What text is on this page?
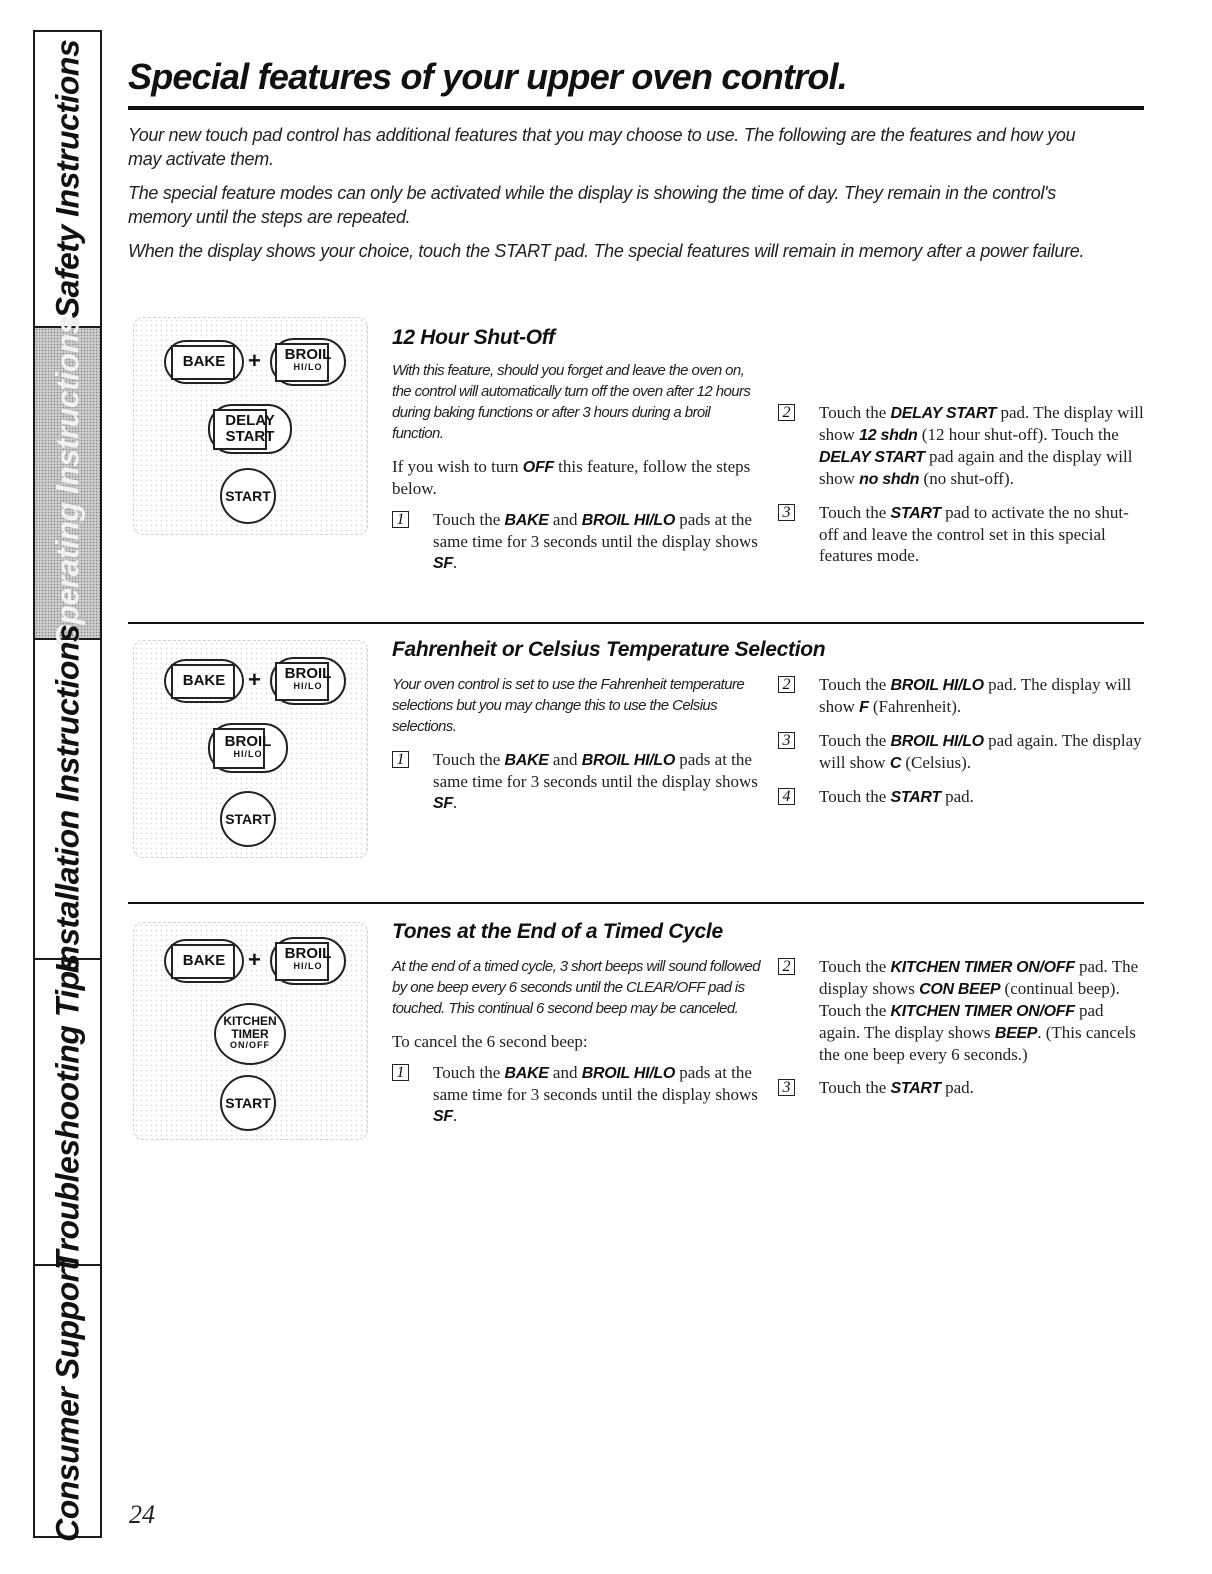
Safety Instructions
Operating Instructions
Installation Instructions
Troubleshooting Tips
Consumer Support
Special features of your upper oven control.

Your new touch pad control has additional features that you may choose to use. The following are the features and how you may activate them.

The special feature modes can only be activated while the display is showing the time of day. They remain in the control's memory until the steps are repeated.

When the display shows your choice, touch the START pad. The special features will remain in memory after a power failure.

BAKE	+	BROIL
HI/LO
DELAY
START
START
12 Hour Shut-Off

With this feature, should you forget and leave the oven on, the control will automatically turn off the oven after 12 hours during baking functions or after 3 hours during a broil function.

If you wish to turn OFF this feature, follow the steps below.

1 Touch the BAKE and BROIL HI/LO pads at the same time for 3 seconds until the display shows SF.
2 Touch the DELAY START pad. The display will show 12 shdn (12 hour shut-off). Touch the DELAY START pad again and the display will show no shdn (no shut-off).
3 Touch the START pad to activate the no shut-off and leave the control set in this special features mode.
BAKE	+	BROIL
HI/LO
BROIL
HI/LO
START
Fahrenheit or Celsius Temperature Selection

Your oven control is set to use the Fahrenheit temperature selections but you may change this to use the Celsius selections.

1 Touch the BAKE and BROIL HI/LO pads at the same time for 3 seconds until the display shows SF.
2 Touch the BROIL HI/LO pad. The display will show F (Fahrenheit).
3 Touch the BROIL HI/LO pad again. The display will show C (Celsius).
4 Touch the START pad.
BAKE	+	BROIL
HI/LO
KITCHEN
TIMER
ON/OFF
START
Tones at the End of a Timed Cycle

At the end of a timed cycle, 3 short beeps will sound followed by one beep every 6 seconds until the CLEAR/OFF pad is touched. This continual 6 second beep may be canceled.

To cancel the 6 second beep:

1 Touch the BAKE and BROIL HI/LO pads at the same time for 3 seconds until the display shows SF.
2 Touch the KITCHEN TIMER ON/OFF pad. The display shows CON BEEP (continual beep). Touch the KITCHEN TIMER ON/OFF pad again. The display shows BEEP. (This cancels the one beep every 6 seconds.)
3 Touch the START pad.
24
